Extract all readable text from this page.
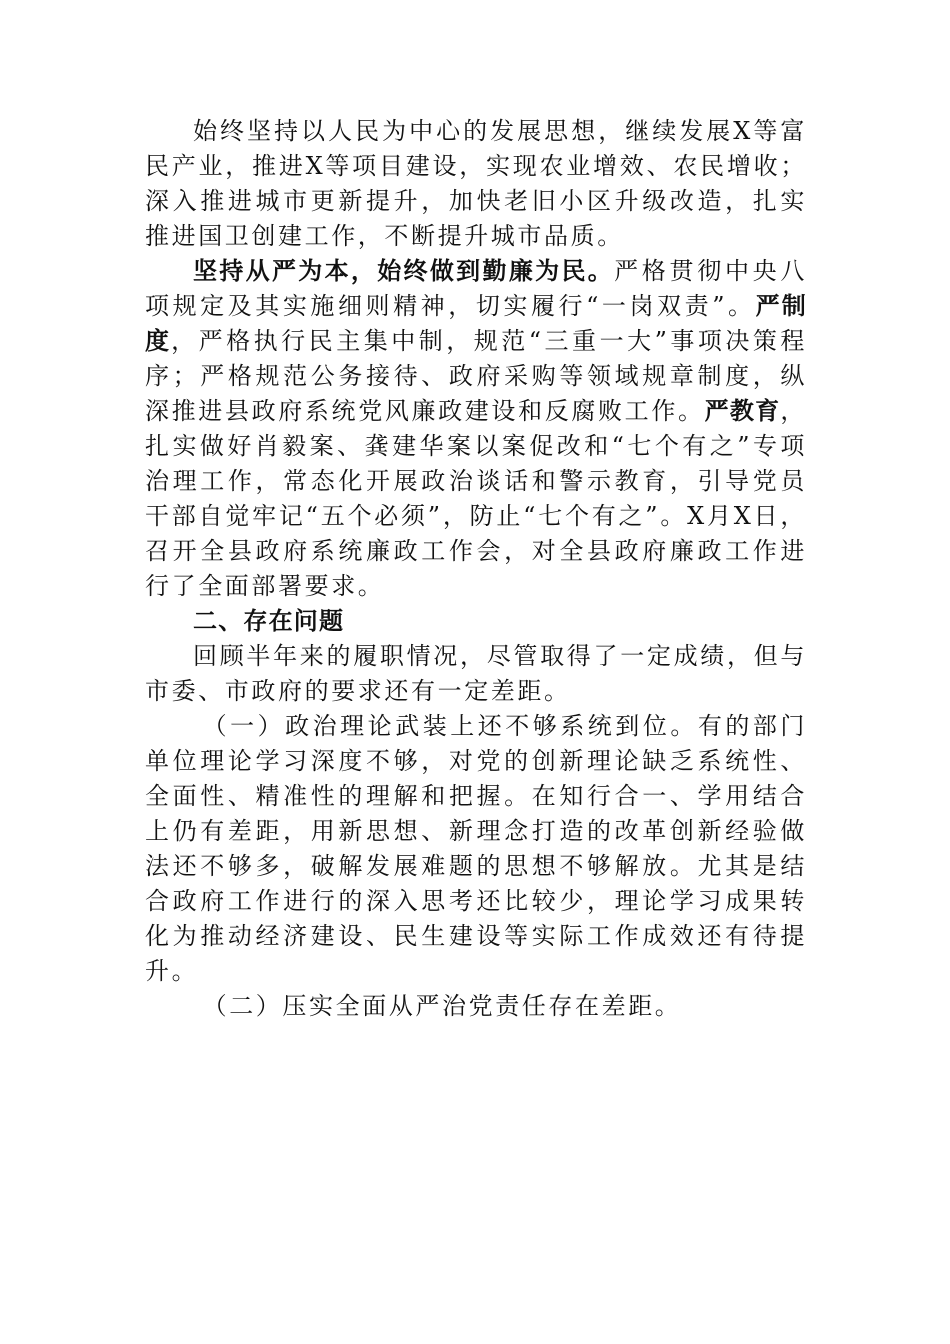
始终坚持以人民为中心的发展思想，继续发展X等富民产业，推进X等项目建设，实现农业增效、农民增收；深入推进城市更新提升，加快老旧小区升级改造，扎实推进国卫创建工作，不断提升城市品质。

坚持从严为本，始终做到勤廉为民。严格贯彻中央八项规定及其实施细则精神，切实履行“一岗双责”。严制度，严格执行民主集中制，规范“三重一大”事项决策程序；严格规范公务接待、政府采购等领域规章制度，纵深推进县政府系统党风廉政建设和反腐败工作。严教育，扎实做好肖毅案、龚建华案以案促改和“七个有之”专项治理工作，常态化开展政治谈话和警示教育，引导党员干部自觉牢记“五个必须”，防止“七个有之”。X月X日，召开全县政府系统廉政工作会，对全县政府廉政工作进行了全面部署要求。

二、存在问题

回顾半年来的履职情况，尽管取得了一定成绩，但与市委、市政府的要求还有一定差距。

（一）政治理论武装上还不够系统到位。有的部门单位理论学习深度不够，对党的创新理论缺乏系统性、全面性、精准性的理解和把握。在知行合一、学用结合上仍有差距，用新思想、新理念打造的改革创新经验做法还不够多，破解发展难题的思想不够解放。尤其是结合政府工作进行的深入思考还比较少，理论学习成果转化为推动经济建设、民生建设等实际工作成效还有待提升。

（二）压实全面从严治党责任存在差距。
